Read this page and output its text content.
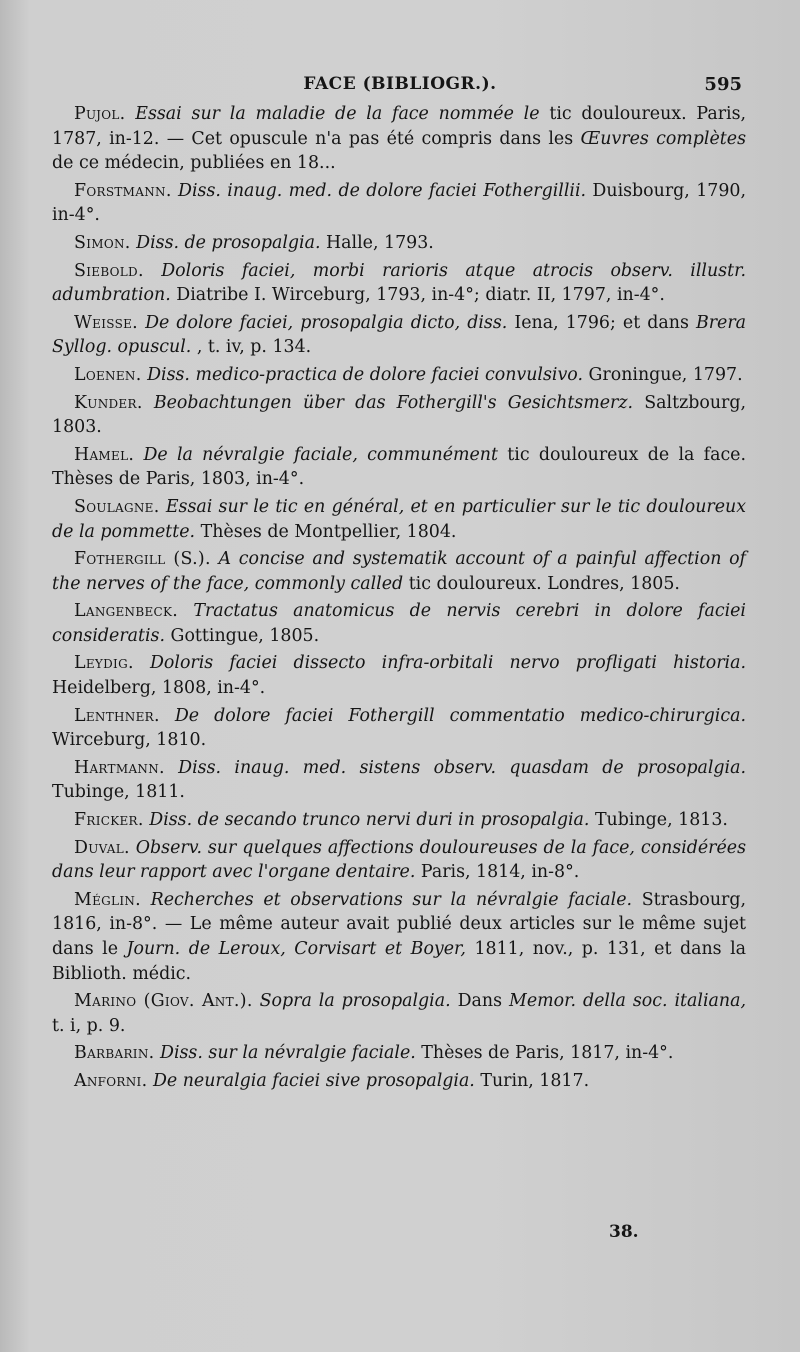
FACE (BIBLIOGR.).	595

Pujol. Essai sur la maladie de la face nommée le tic douloureux. Paris, 1787, in-12. — Cet opuscule n'a pas été compris dans les Œuvres complètes de ce médecin, publiées en 18...

Forstmann. Diss. inaug. med. de dolore faciei Fothergillii. Duisbourg, 1790, in-4°.

Simon. Diss. de prosopalgia. Halle, 1793.

Siebold. Doloris faciei, morbi rarioris atque atrocis observ. illustr. adumbration. Diatribe I. Wirceburg, 1793, in-4°; diatr. II, 1797, in-4°.

Weisse. De dolore faciei, prosopalgia dicto, diss. Iena, 1796; et dans Brera Syllog. opuscul. , t. iv, p. 134.

Loenen. Diss. medico-practica de dolore faciei convulsivo. Groningue, 1797.

Kunder. Beobachtungen über das Fothergill's Gesichtsmerz. Saltzbourg, 1803.

Hamel. De la névralgie faciale, communément tic douloureux de la face. Thèses de Paris, 1803, in-4°.

Soulagne. Essai sur le tic en général, et en particulier sur le tic douloureux de la pommette. Thèses de Montpellier, 1804.

Fothergill (S.). A concise and systematik account of a painful affection of the nerves of the face, commonly called tic douloureux. Londres, 1805.

Langenbeck. Tractatus anatomicus de nervis cerebri in dolore faciei consideratis. Gottingue, 1805.

Leydig. Doloris faciei dissecto infra-orbitali nervo profligati historia. Heidelberg, 1808, in-4°.

Lenthner. De dolore faciei Fothergill commentatio medico-chirurgica. Wirceburg, 1810.

Hartmann. Diss. inaug. med. sistens observ. quasdam de prosopalgia. Tubinge, 1811.

Fricker. Diss. de secando trunco nervi duri in prosopalgia. Tubinge, 1813.

Duval. Observ. sur quelques affections douloureuses de la face, considérées dans leur rapport avec l'organe dentaire. Paris, 1814, in-8°.

Méglin. Recherches et observations sur la névralgie faciale. Strasbourg, 1816, in-8°. — Le même auteur avait publié deux articles sur le même sujet dans le Journ. de Leroux, Corvisart et Boyer, 1811, nov., p. 131, et dans la Biblioth. médic.

Marino (Giov. Ant.). Sopra la prosopalgia. Dans Memor. della soc. italiana, t. i, p. 9.

Barbarin. Diss. sur la névralgie faciale. Thèses de Paris, 1817, in-4°.

Anforni. De neuralgia faciei sive prosopalgia. Turin, 1817.

38.
